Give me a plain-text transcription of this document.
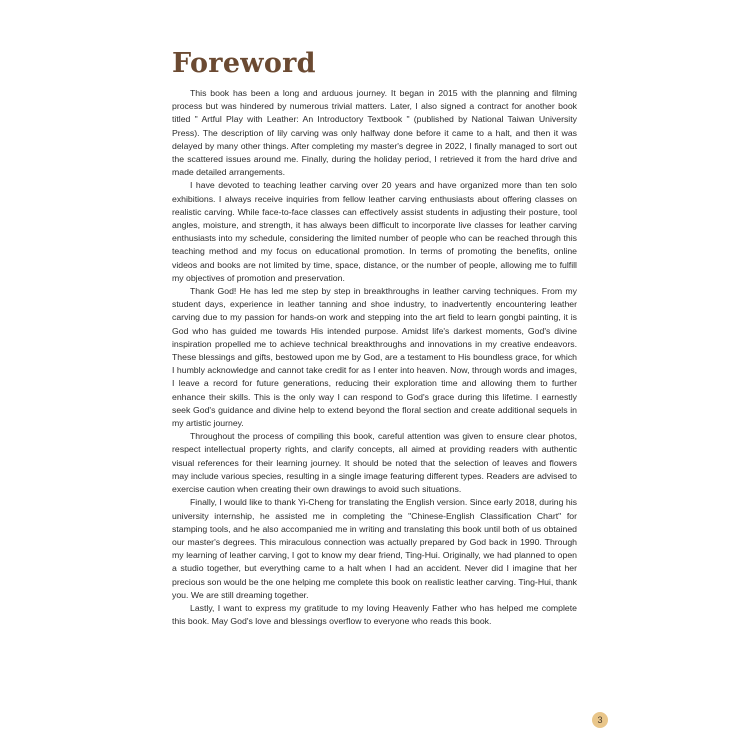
Foreword

This book has been a long and arduous journey. It began in 2015 with the planning and filming process but was hindered by numerous trivial matters. Later, I also signed a contract for another book titled " Artful Play with Leather: An Introductory Textbook " (published by National Taiwan University Press). The description of lily carving was only halfway done before it came to a halt, and then it was delayed by many other things. After completing my master's degree in 2022, I finally managed to sort out the scattered issues around me. Finally, during the holiday period, I retrieved it from the hard drive and made detailed arrangements.

I have devoted to teaching leather carving over 20 years and have organized more than ten solo exhibitions. I always receive inquiries from fellow leather carving enthusiasts about offering classes on realistic carving. While face-to-face classes can effectively assist students in adjusting their posture, tool angles, moisture, and strength, it has always been difficult to incorporate live classes for leather carving enthusiasts into my schedule, considering the limited number of people who can be reached through this teaching method and my focus on educational promotion. In terms of promoting the benefits, online videos and books are not limited by time, space, distance, or the number of people, allowing me to fulfill my objectives of promotion and preservation.

Thank God! He has led me step by step in breakthroughs in leather carving techniques. From my student days, experience in leather tanning and shoe industry, to inadvertently encountering leather carving due to my passion for hands-on work and stepping into the art field to learn gongbi painting, it is God who has guided me towards His intended purpose. Amidst life's darkest moments, God's divine inspiration propelled me to achieve technical breakthroughs and innovations in my creative endeavors. These blessings and gifts, bestowed upon me by God, are a testament to His boundless grace, for which I humbly acknowledge and cannot take credit for as I enter into heaven. Now, through words and images, I leave a record for future generations, reducing their exploration time and allowing them to further enhance their skills. This is the only way I can respond to God's grace during this lifetime. I earnestly seek God's guidance and divine help to extend beyond the floral section and create additional sequels in my artistic journey.

Throughout the process of compiling this book, careful attention was given to ensure clear photos, respect intellectual property rights, and clarify concepts, all aimed at providing readers with authentic visual references for their learning journey. It should be noted that the selection of leaves and flowers may include various species, resulting in a single image featuring different types. Readers are advised to exercise caution when creating their own drawings to avoid such situations.

Finally, I would like to thank Yi-Cheng for translating the English version. Since early 2018, during his university internship, he assisted me in completing the "Chinese-English Classification Chart" for stamping tools, and he also accompanied me in writing and translating this book until both of us obtained our master's degrees. This miraculous connection was actually prepared by God back in 1990. Through my learning of leather carving, I got to know my dear friend, Ting-Hui. Originally, we had planned to open a studio together, but everything came to a halt when I had an accident. Never did I imagine that her precious son would be the one helping me complete this book on realistic leather carving. Ting-Hui, thank you. We are still dreaming together.

Lastly, I want to express my gratitude to my loving Heavenly Father who has helped me complete this book. May God's love and blessings overflow to everyone who reads this book.

3
